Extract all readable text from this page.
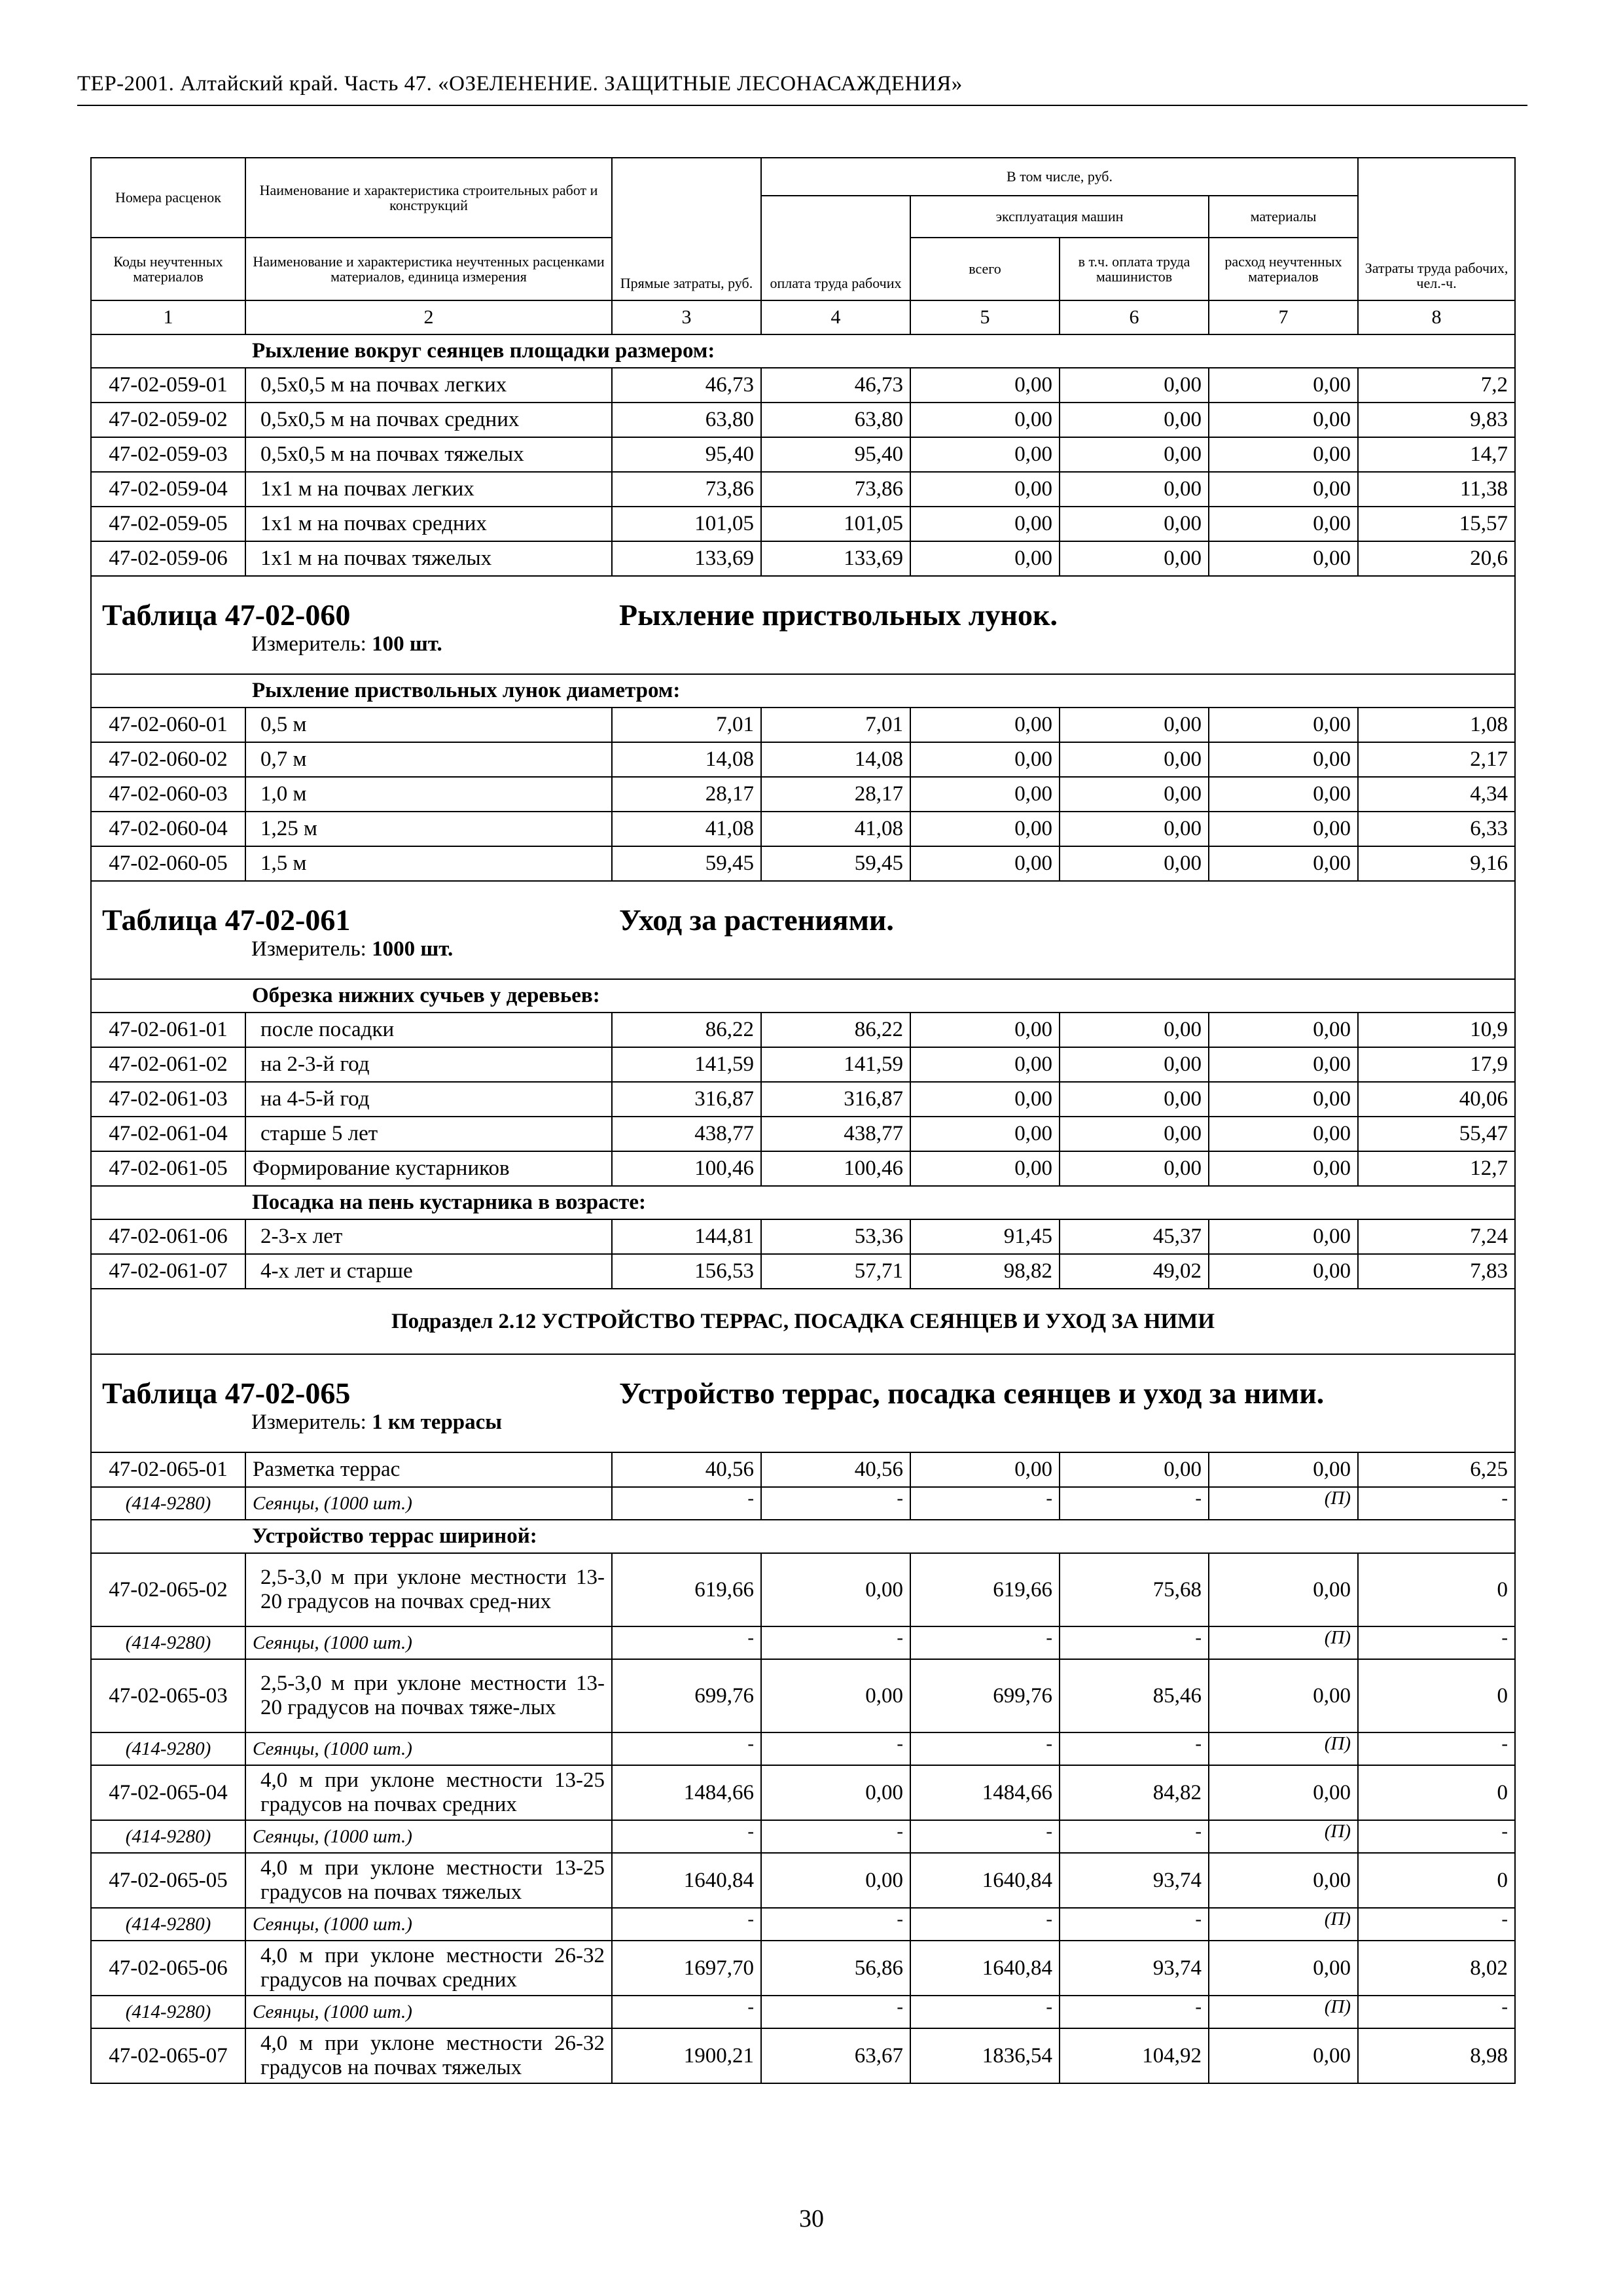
ТЕР-2001. Алтайский край. Часть 47. «ОЗЕЛЕНЕНИЕ. ЗАЩИТНЫЕ ЛЕСОНАСАЖДЕНИЯ»
Номера расценок	Наименование и характеристика строительных работ и конструкций	Прямые затраты, руб.	В том числе, руб.				Затраты труда рабочих, чел.-ч.
			оплата труда рабочих	эксплуатация машин		материалы	
Коды неучтенных материалов	Наименование и характеристика неучтенных расценками материалов, единица измерения			всего	в т.ч. оплата труда машинистов	расход неучтенных материалов	
1	2	3	4	5	6	7	8
	Рыхление вокруг сеянцев площадки размером:						
47-02-059-01	0,5х0,5 м на почвах легких	46,73	46,73	0,00	0,00	0,00	7,2
47-02-059-02	0,5х0,5 м на почвах средних	63,80	63,80	0,00	0,00	0,00	9,83
47-02-059-03	0,5х0,5 м на почвах тяжелых	95,40	95,40	0,00	0,00	0,00	14,7
47-02-059-04	1х1 м на почвах легких	73,86	73,86	0,00	0,00	0,00	11,38
47-02-059-05	1х1 м на почвах средних	101,05	101,05	0,00	0,00	0,00	15,57
47-02-059-06	1х1 м на почвах тяжелых	133,69	133,69	0,00	0,00	0,00	20,6

Таблица 47-02-060 Рыхление приствольных лунок.
Измеритель: 100 шт.							

	Рыхление приствольных лунок диаметром:						
47-02-060-01	0,5 м	7,01	7,01	0,00	0,00	0,00	1,08
47-02-060-02	0,7 м	14,08	14,08	0,00	0,00	0,00	2,17
47-02-060-03	1,0 м	28,17	28,17	0,00	0,00	0,00	4,34
47-02-060-04	1,25 м	41,08	41,08	0,00	0,00	0,00	6,33
47-02-060-05	1,5 м	59,45	59,45	0,00	0,00	0,00	9,16

Таблица 47-02-061 Уход за растениями.
Измеритель: 1000 шт.							

	Обрезка нижних сучьев у деревьев:						
47-02-061-01	после посадки	86,22	86,22	0,00	0,00	0,00	10,9
47-02-061-02	на 2-3-й год	141,59	141,59	0,00	0,00	0,00	17,9
47-02-061-03	на 4-5-й год	316,87	316,87	0,00	0,00	0,00	40,06
47-02-061-04	старше 5 лет	438,77	438,77	0,00	0,00	0,00	55,47
47-02-061-05	Формирование кустарников	100,46	100,46	0,00	0,00	0,00	12,7
	Посадка на пень кустарника в возрасте:						
47-02-061-06	2-3-х лет	144,81	53,36	91,45	45,37	0,00	7,24
47-02-061-07	4-х лет и старше	156,53	57,71	98,82	49,02	0,00	7,83
Подраздел 2.12 УСТРОЙСТВО ТЕРРАС, ПОСАДКА СЕЯНЦЕВ И УХОД ЗА НИМИ							

Таблица 47-02-065 Устройство террас, посадка сеянцев и уход за ними.
Измеритель: 1 км террасы							

47-02-065-01	Разметка террас	40,56	40,56	0,00	0,00	0,00	6,25
(414-9280)	Сеянцы, (1000 шт.)	-	-	-	-	(П)	-
	Устройство террас шириной:						
47-02-065-02	2,5-3,0 м при уклоне местности 13-20 градусов на почвах сред-них	619,66	0,00	619,66	75,68	0,00	0
(414-9280)	Сеянцы, (1000 шт.)	-	-	-	-	(П)	-
47-02-065-03	2,5-3,0 м при уклоне местности 13-20 градусов на почвах тяже-лых	699,76	0,00	699,76	85,46	0,00	0
(414-9280)	Сеянцы, (1000 шт.)	-	-	-	-	(П)	-
47-02-065-04	4,0 м при уклоне местности 13-25 градусов на почвах средних	1484,66	0,00	1484,66	84,82	0,00	0
(414-9280)	Сеянцы, (1000 шт.)	-	-	-	-	(П)	-
47-02-065-05	4,0 м при уклоне местности 13-25 градусов на почвах тяжелых	1640,84	0,00	1640,84	93,74	0,00	0
(414-9280)	Сеянцы, (1000 шт.)	-	-	-	-	(П)	-
47-02-065-06	4,0 м при уклоне местности 26-32 градусов на почвах средних	1697,70	56,86	1640,84	93,74	0,00	8,02
(414-9280)	Сеянцы, (1000 шт.)	-	-	-	-	(П)	-
47-02-065-07	4,0 м при уклоне местности 26-32 градусов на почвах тяжелых	1900,21	63,67	1836,54	104,92	0,00	8,98
30
